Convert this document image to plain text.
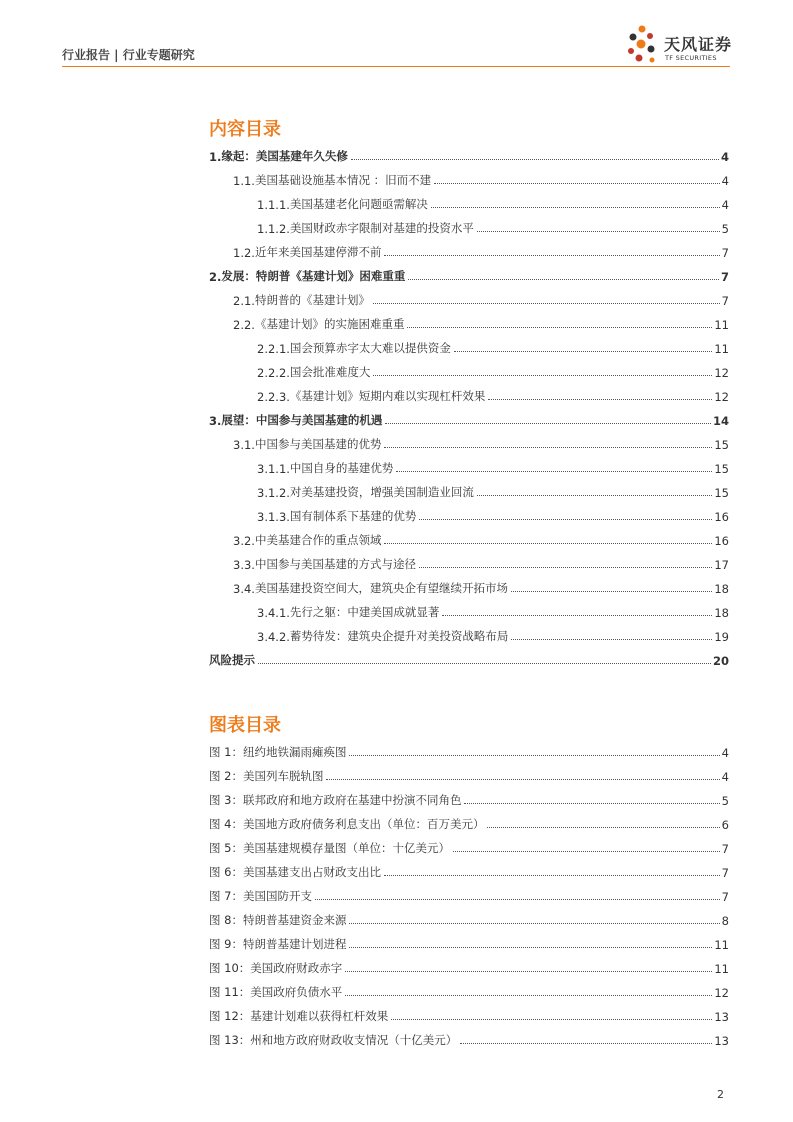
行业报告 | 行业专题研究
天风证券
TF SECURITIES
内容目录
1. 缘起：美国基建年久失修	4
1.1. 美国基础设施基本情况 ：旧而不建	4
1.1.1. 美国基建老化问题亟需解决	4
1.1.2. 美国财政赤字限制对基建的投资水平	5
1.2. 近年来美国基建停滞不前	7
2. 发展：特朗普《基建计划》困难重重	7
2.1. 特朗普的《基建计划》	7
2.2. 《基建计划》的实施困难重重	11
2.2.1. 国会预算赤字太大难以提供资金	11
2.2.2. 国会批准难度大	12
2.2.3. 《基建计划》短期内难以实现杠杆效果	12
3. 展望：中国参与美国基建的机遇	14
3.1. 中国参与美国基建的优势	15
3.1.1. 中国自身的基建优势	15
3.1.2. 对美基建投资，增强美国制造业回流	15
3.1.3. 国有制体系下基建的优势	16
3.2. 中美基建合作的重点领域	16
3.3. 中国参与美国基建的方式与途径	17
3.4. 美国基建投资空间大，建筑央企有望继续开拓市场	18
3.4.1. 先行之躯：中建美国成就显著	18
3.4.2. 蓄势待发：建筑央企提升对美投资战略布局	19
风险提示	20
图表目录
图 1：纽约地铁漏雨瘫痪图	4
图 2：美国列车脱轨图	4
图 3：联邦政府和地方政府在基建中扮演不同角色	5
图 4：美国地方政府债务利息支出（单位：百万美元）	6
图 5：美国基建规模存量图（单位：十亿美元）	7
图 6：美国基建支出占财政支出比	7
图 7：美国国防开支	7
图 8：特朗普基建资金来源	8
图 9：特朗普基建计划进程	11
图 10：美国政府财政赤字	11
图 11：美国政府负债水平	12
图 12：基建计划难以获得杠杆效果	13
图 13：州和地方政府财政收支情况（十亿美元）	13
2
